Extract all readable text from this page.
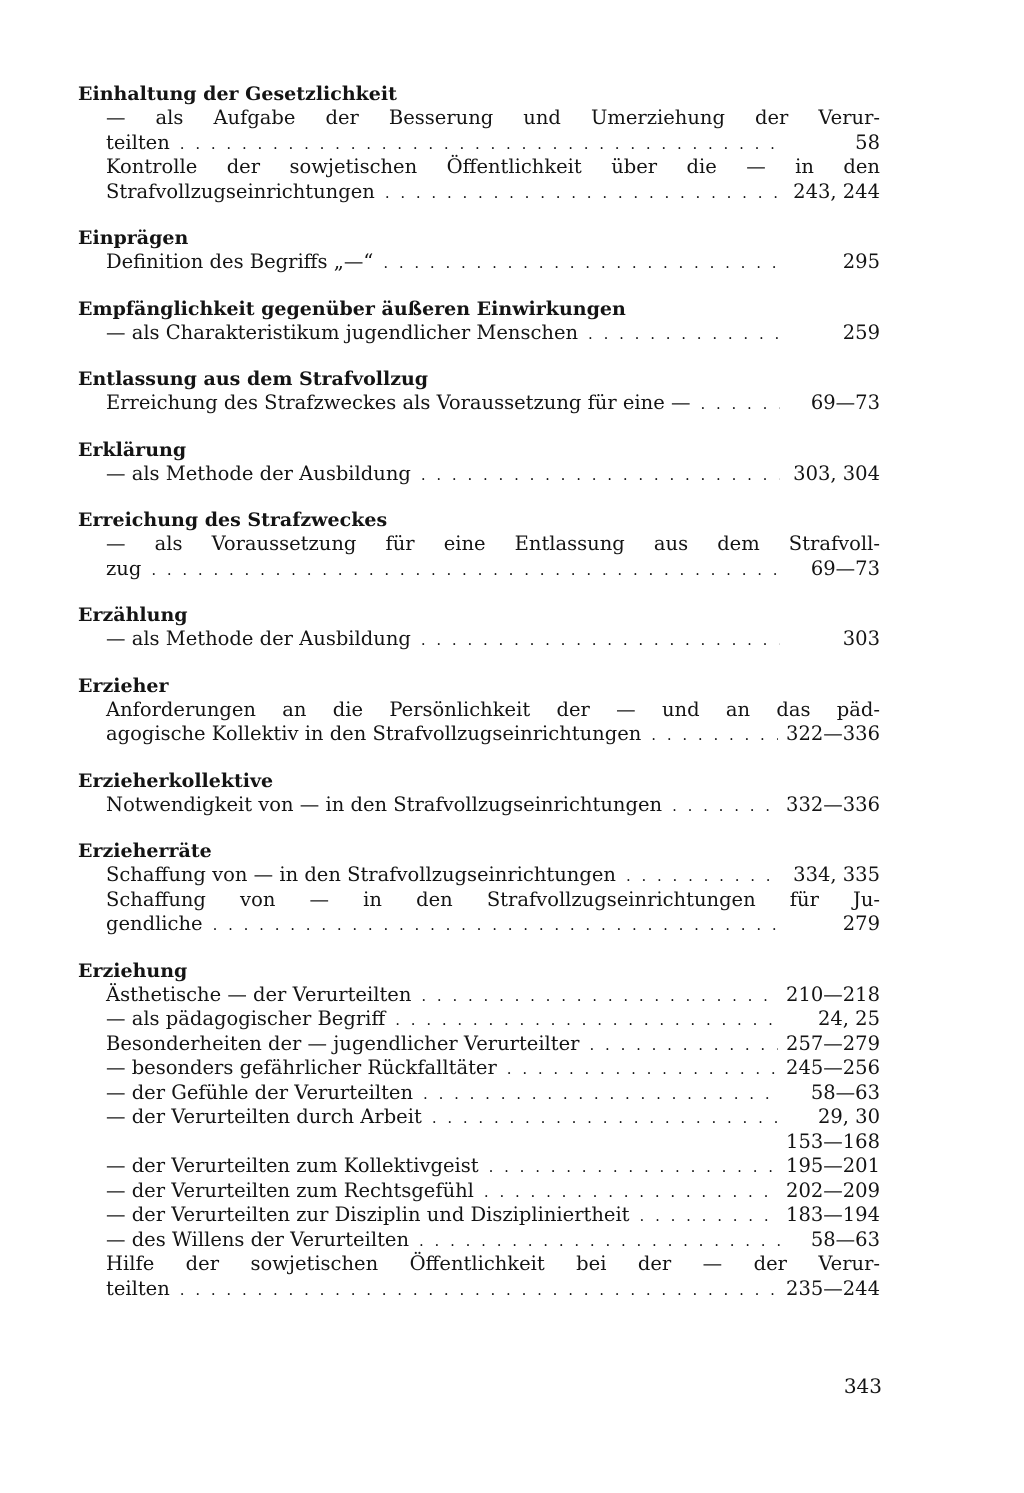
Einhaltung der Gesetzlichkeit
— als Aufgabe der Besserung und Umerziehung der Verur-
teilten . . .	58
Kontrolle der sowjetischen Öffentlichkeit über die — in den
Strafvollzugseinrichtungen . . .	243, 244
Einprägen
Definition des Begriffs „—“ . . .	295
Empfänglichkeit gegenüber äußeren Einwirkungen
— als Charakteristikum jugendlicher Menschen . . .	259
Entlassung aus dem Strafvollzug
Erreichung des Strafzweckes als Voraussetzung für eine — . . .	69—73
Erklärung
— als Methode der Ausbildung . . .	303, 304
Erreichung des Strafzweckes
— als Voraussetzung für eine Entlassung aus dem Strafvoll-
zug . . .	69—73
Erzählung
— als Methode der Ausbildung . . .	303
Erzieher
Anforderungen an die Persönlichkeit der — und an das päd-
agogische Kollektiv in den Strafvollzugseinrichtungen . . .	322—336
Erzieherkollektive
Notwendigkeit von — in den Strafvollzugseinrichtungen . . .	332—336
Erzieherräte
Schaffung von — in den Strafvollzugseinrichtungen . . .	334, 335
Schaffung von — in den Strafvollzugseinrichtungen für Ju-
gendliche . . .	279
Erziehung
Ästhetische — der Verurteilten . . .	210—218
— als pädagogischer Begriff . . .	24, 25
Besonderheiten der — jugendlicher Verurteilter . . .	257—279
— besonders gefährlicher Rückfalltäter . . .	245—256
— der Gefühle der Verurteilten . . .	58—63
— der Verurteilten durch Arbeit . . .	29, 30
153—168
— der Verurteilten zum Kollektivgeist . . .	195—201
— der Verurteilten zum Rechtsgefühl . . .	202—209
— der Verurteilten zur Disziplin und Diszipliniertheit . . .	183—194
— des Willens der Verurteilten . . .	58—63
Hilfe der sowjetischen Öffentlichkeit bei der — der Verur-
teilten . . .	235—244
343
